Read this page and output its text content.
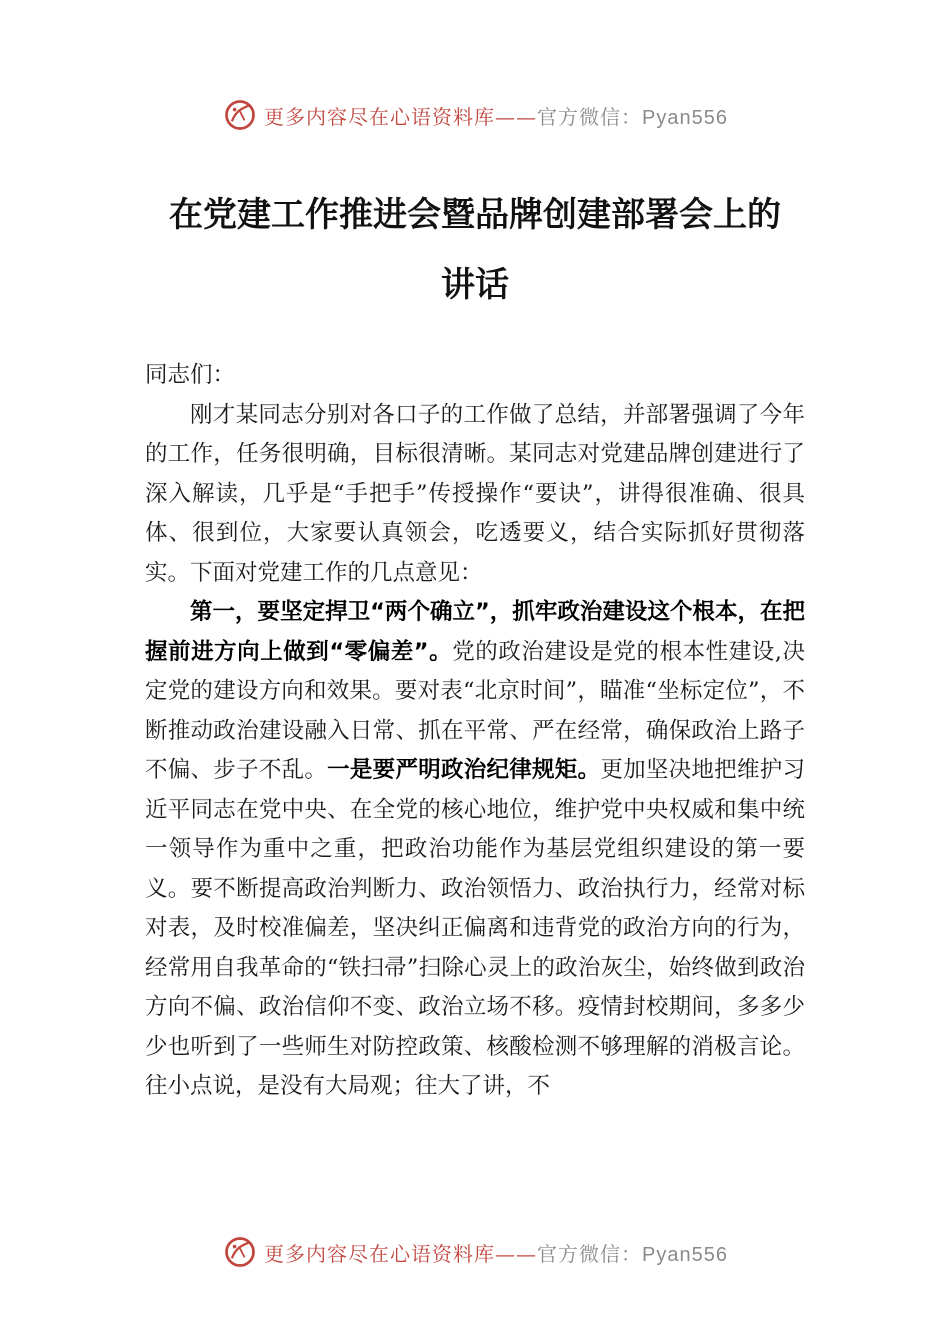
更多内容尽在心语资料库——官方微信：Pyan556
在党建工作推进会暨品牌创建部署会上的
讲话

同志们：

刚才某同志分别对各口子的工作做了总结，并部署强调了今年的工作，任务很明确，目标很清晰。某同志对党建品牌创建进行了深入解读，几乎是“手把手”传授操作“要诀”，讲得很准确、很具体、很到位，大家要认真领会，吃透要义，结合实际抓好贯彻落实。下面对党建工作的几点意见：

第一，要坚定捍卫“两个确立”，抓牢政治建设这个根本，在把握前进方向上做到“零偏差”。党的政治建设是党的根本性建设,决定党的建设方向和效果。要对表“北京时间”，瞄准“坐标定位”，不断推动政治建设融入日常、抓在平常、严在经常，确保政治上路子不偏、步子不乱。一是要严明政治纪律规矩。更加坚决地把维护习近平同志在党中央、在全党的核心地位，维护党中央权威和集中统一领导作为重中之重，把政治功能作为基层党组织建设的第一要义。要不断提高政治判断力、政治领悟力、政治执行力，经常对标对表，及时校准偏差，坚决纠正偏离和违背党的政治方向的行为，经常用自我革命的“铁扫帚”扫除心灵上的政治灰尘，始终做到政治方向不偏、政治信仰不变、政治立场不移。疫情封校期间，多多少少也听到了一些师生对防控政策、核酸检测不够理解的消极言论。往小点说，是没有大局观；往大了讲，不

更多内容尽在心语资料库——官方微信：Pyan556
